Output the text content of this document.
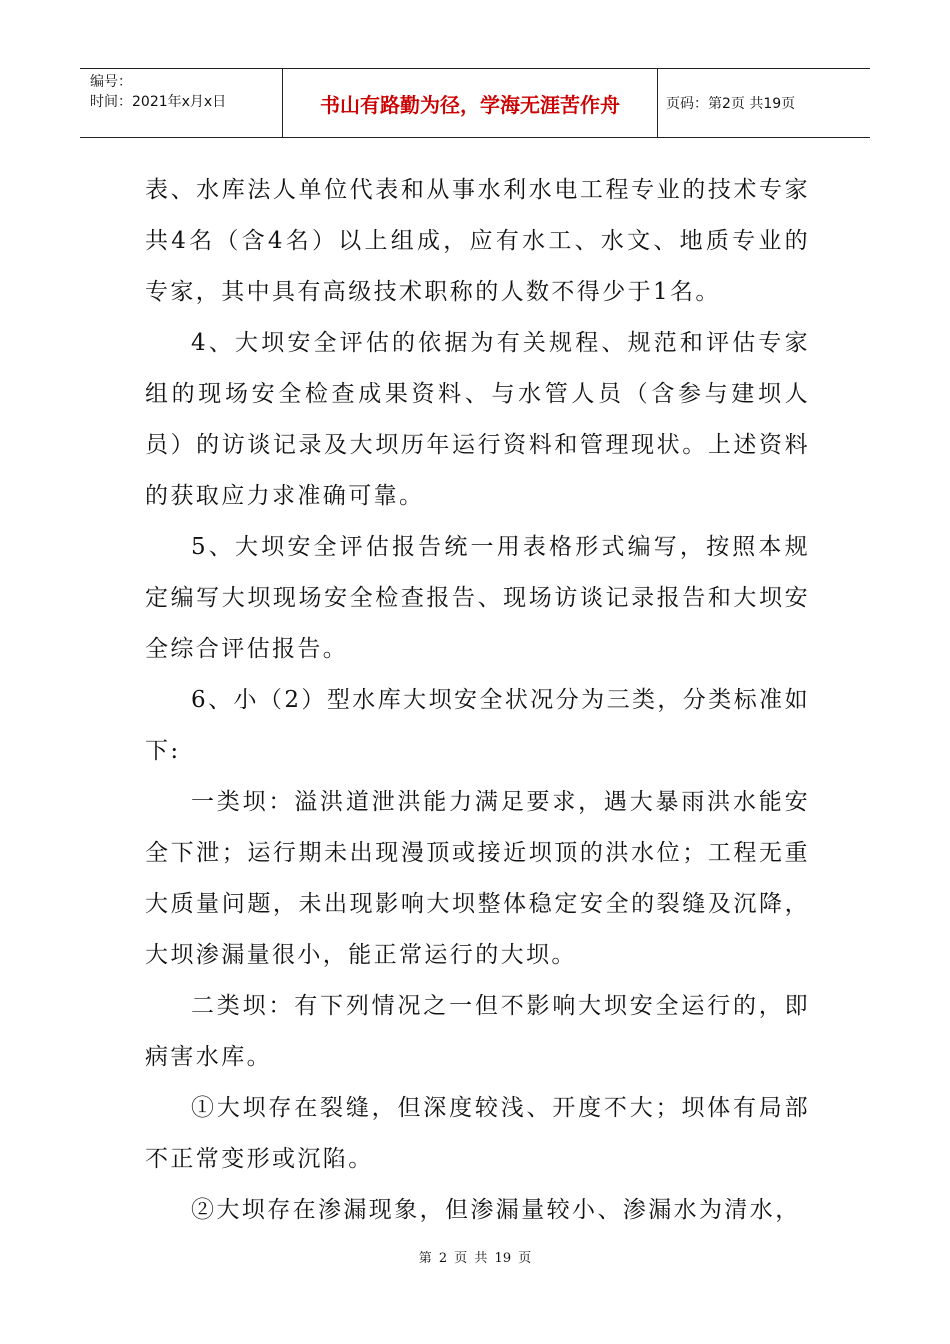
编号：
时间：2021年x月x日	书山有路勤为径，学海无涯苦作舟	页码：第2页 共19页

表、水库法人单位代表和从事水利水电工程专业的技术专家共4名（含4名）以上组成，应有水工、水文、地质专业的专家，其中具有高级技术职称的人数不得少于1名。

4、大坝安全评估的依据为有关规程、规范和评估专家组的现场安全检查成果资料、与水管人员（含参与建坝人员）的访谈记录及大坝历年运行资料和管理现状。上述资料的获取应力求准确可靠。

5、大坝安全评估报告统一用表格形式编写，按照本规定编写大坝现场安全检查报告、现场访谈记录报告和大坝安全综合评估报告。

6、小（2）型水库大坝安全状况分为三类，分类标准如下:

一类坝：溢洪道泄洪能力满足要求，遇大暴雨洪水能安全下泄；运行期未出现漫顶或接近坝顶的洪水位；工程无重大质量问题，未出现影响大坝整体稳定安全的裂缝及沉降，大坝渗漏量很小，能正常运行的大坝。

二类坝：有下列情况之一但不影响大坝安全运行的，即病害水库。

①大坝存在裂缝，但深度较浅、开度不大；坝体有局部不正常变形或沉陷。

②大坝存在渗漏现象，但渗漏量较小、渗漏水为清水，

第 2 页 共 19 页
